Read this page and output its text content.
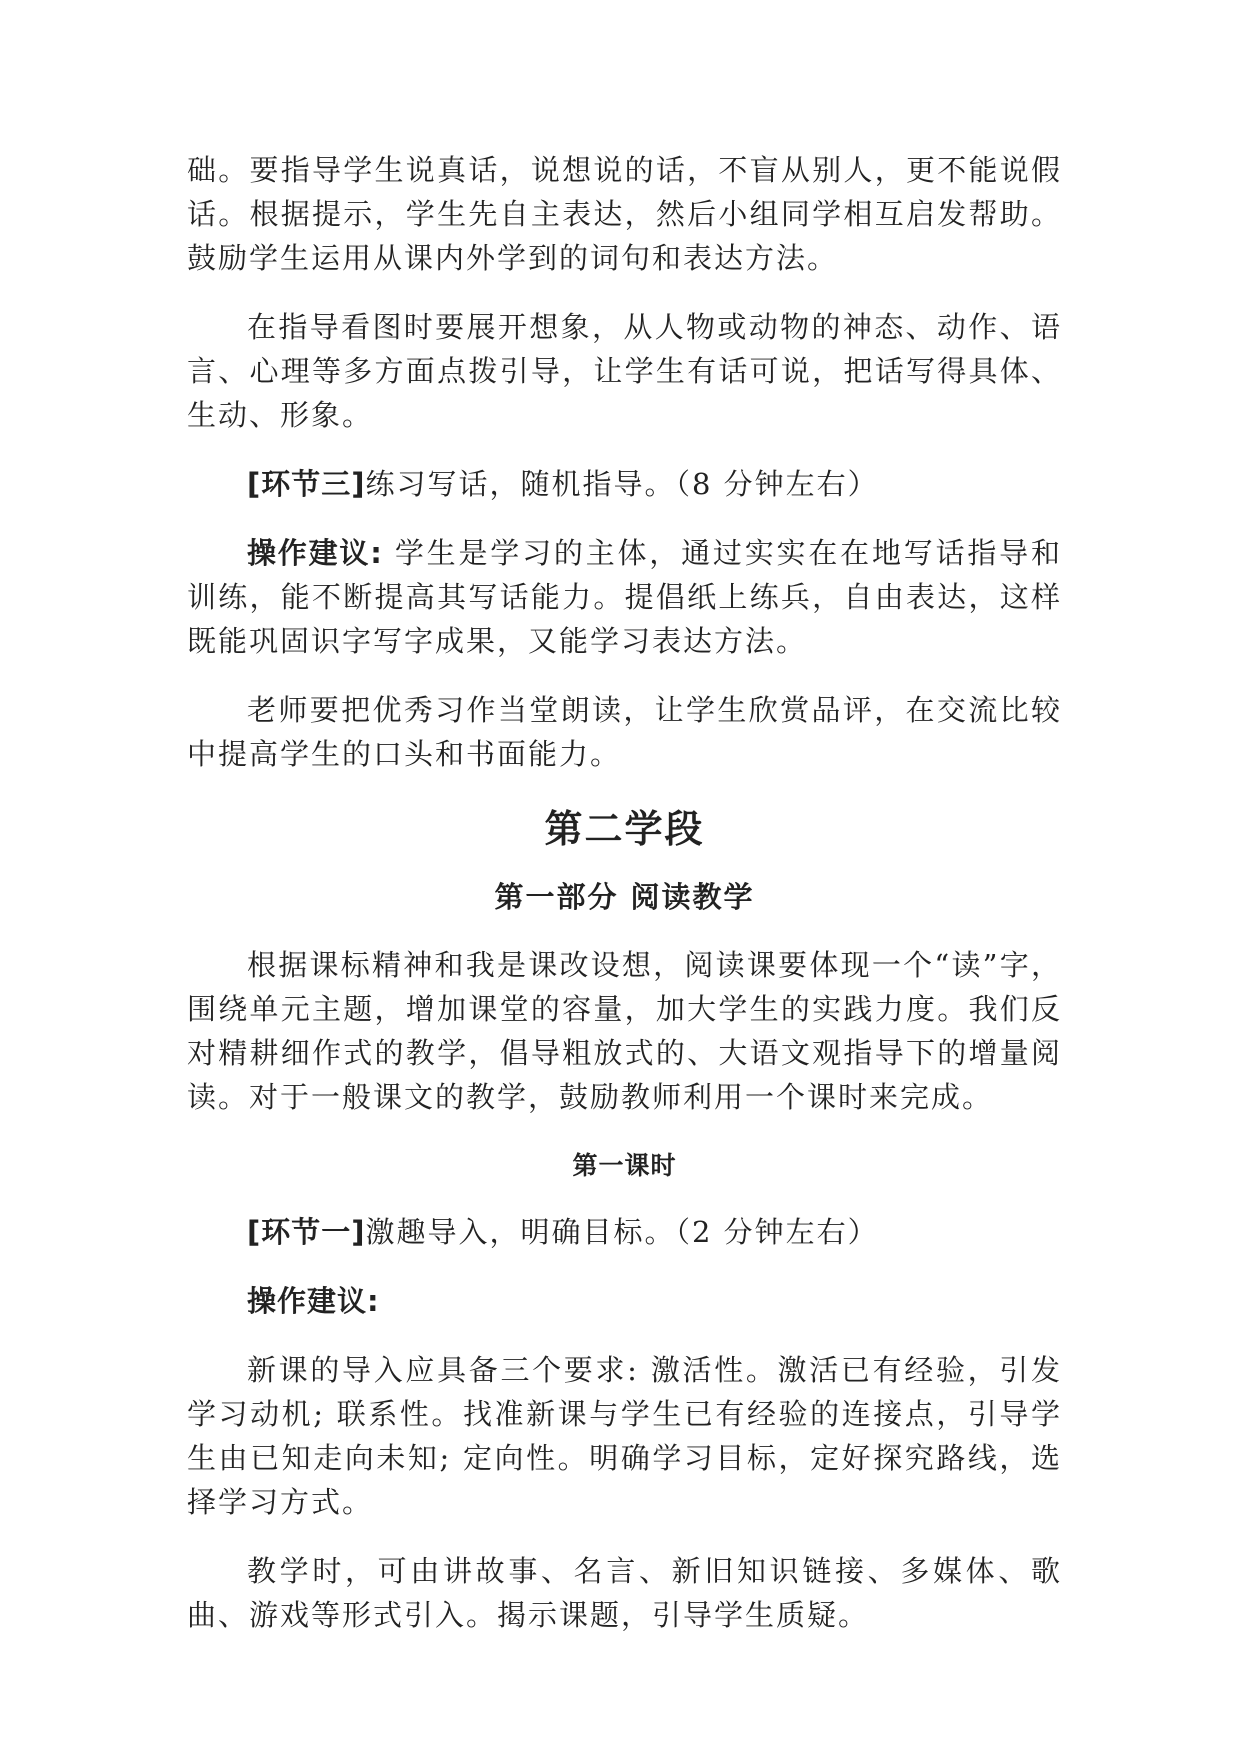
础。要指导学生说真话，说想说的话，不盲从别人，更不能说假话。根据提示，学生先自主表达，然后小组同学相互启发帮助。鼓励学生运用从课内外学到的词句和表达方法。

在指导看图时要展开想象，从人物或动物的神态、动作、语言、心理等多方面点拨引导，让学生有话可说，把话写得具体、生动、形象。

[环节三]练习写话，随机指导。（8 分钟左右）

操作建议: 学生是学习的主体，通过实实在在地写话指导和训练，能不断提高其写话能力。提倡纸上练兵，自由表达，这样既能巩固识字写字成果，又能学习表达方法。

老师要把优秀习作当堂朗读，让学生欣赏品评，在交流比较中提高学生的口头和书面能力。

第二学段
第一部分 阅读教学

根据课标精神和我是课改设想，阅读课要体现一个“读”字，围绕单元主题，增加课堂的容量，加大学生的实践力度。我们反对精耕细作式的教学，倡导粗放式的、大语文观指导下的增量阅读。对于一般课文的教学，鼓励教师利用一个课时来完成。

第一课时

[环节一]激趣导入，明确目标。（2 分钟左右）

操作建议:

新课的导入应具备三个要求: 激活性。激活已有经验，引发学习动机; 联系性。找准新课与学生已有经验的连接点，引导学生由已知走向未知; 定向性。明确学习目标，定好探究路线，选择学习方式。

教学时，可由讲故事、名言、新旧知识链接、多媒体、歌曲、游戏等形式引入。揭示课题，引导学生质疑。
